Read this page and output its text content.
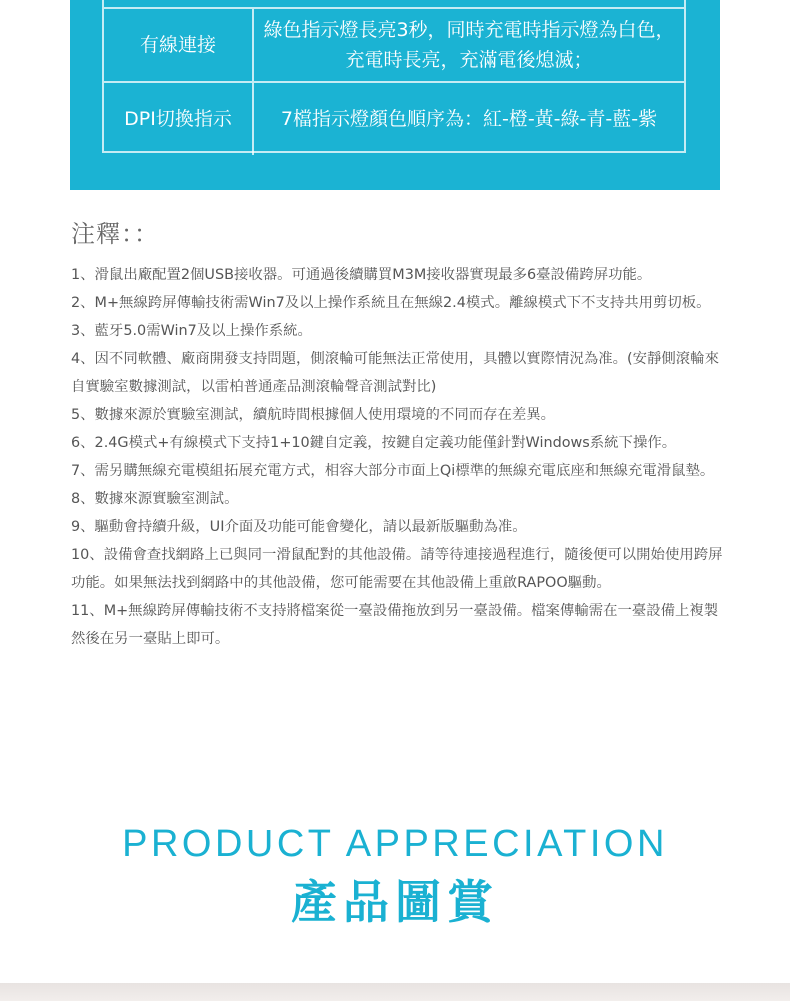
有線連接
綠色指示燈長亮3秒，同時充電時指示燈為白色，充電時長亮，充滿電後熄滅；
DPI切換指示	7檔指示燈顏色順序為：紅-橙-黃-綠-青-藍-紫
注釋：：
1、滑鼠出廠配置2個USB接收器。可通過後續購買M3M接收器實現最多6臺設備跨屏功能。
2、M+無線跨屏傳輸技術需Win7及以上操作系統且在無線2.4模式。離線模式下不支持共用剪切板。
3、藍牙5.0需Win7及以上操作系統。
4、因不同軟體、廠商開發支持問題，側滾輪可能無法正常使用，具體以實際情況為准。(安靜側滾輪來自實驗室數據測試，以雷柏普通產品測滾輪聲音測試對比)
5、數據來源於實驗室測試，續航時間根據個人使用環境的不同而存在差異。
6、2.4G模式+有線模式下支持1+10鍵自定義，按鍵自定義功能僅針對Windows系統下操作。
7、需另購無線充電模組拓展充電方式，相容大部分市面上Qi標準的無線充電底座和無線充電滑鼠墊。
8、數據來源實驗室測試。
9、驅動會持續升級，UI介面及功能可能會變化，請以最新版驅動為准。
10、設備會查找網路上已與同一滑鼠配對的其他設備。請等待連接過程進行，隨後便可以開始使用跨屏功能。如果無法找到網路中的其他設備，您可能需要在其他設備上重啟RAPOO驅動。
11、M+無線跨屏傳輸技術不支持將檔案從一臺設備拖放到另一臺設備。檔案傳輸需在一臺設備上複製然後在另一臺貼上即可。
PRODUCT APPRECIATION
產品圖賞
